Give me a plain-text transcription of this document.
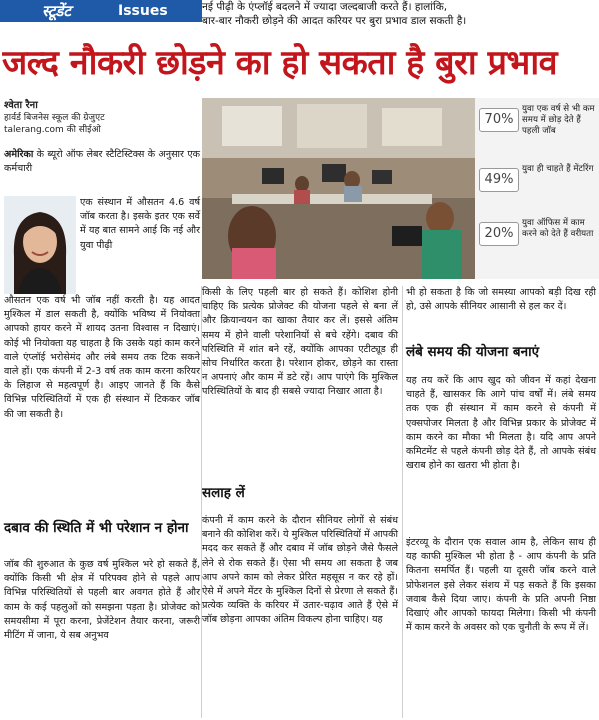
स्टूडेंट	Issues	नई पीढ़ी के एंप्लॉई बदलने में ज्यादा जल्दबाजी करते हैं। हालांकि,
बार-बार नौकरी छोड़ने की आदत करियर पर बुरा प्रभाव डाल सकती है।
जल्द नौकरी छोड़ने का हो सकता है बुरा प्रभाव
श्वेता रैना
हार्वर्ड बिजनेस स्कूल की ग्रेजुएट
talerang.com की सीईओ

अमेरिका के ब्यूरो ऑफ लेबर स्टैटिस्टिक्स के अनुसार एक कर्मचारी

एक संस्थान में औसतन 4.6 वर्ष जॉब करता है। इसके इतर एक सर्वे में यह बात सामने आई कि नई और युवा पीढ़ी
औसतन एक वर्ष भी जॉब नहीं करती है। यह आदत मुश्किल में डाल सकती है, क्योंकि भविष्य में नियोक्ता आपको हायर करने में शायद उतना विश्वास न दिखाएं। कोई भी नियोक्ता यह चाहता है कि उसके यहां काम करने वाले एंप्लॉई भरोसेमंद और लंबे समय तक टिक सकने वाले हों। एक कंपनी में 2-3 वर्ष तक काम करना करियर के लिहाज से महत्वपूर्ण है। आइए जानते हैं कि कैसे विभिन्न परिस्थितियों में एक ही संस्थान में टिककर जॉब की जा सकती है।
दबाव की स्थिति में भी परेशान न होना
जॉब की शुरुआत के कुछ वर्ष मुश्किल भरे हो सकते हैं, क्योंकि किसी भी क्षेत्र में परिपक्व होने से पहले आप विभिन्न परिस्थितियों से पहली बार अवगत होते हैं और काम के कई पहलुओं को समझना पड़ता है। प्रोजेक्ट को समयसीमा में पूरा करना, प्रेजेंटेशन तैयार करना, जरूरी मीटिंग में जाना, ये सब अनुभव
70%
युवा एक वर्ष से भी कम समय में छोड़ देते हैं पहली जॉब
49%
युवा ही चाहते हैं मेंटरिंग
20%
युवा ऑफिस में काम करने को देते हैं वरीयता
किसी के लिए पहली बार हो सकते हैं। कोशिश होनी चाहिए कि प्रत्येक प्रोजेक्ट की योजना पहले से बना लें और क्रियान्वयन का खाका तैयार कर लें। इससे अंतिम समय में होने वाली परेशानियों से बचे रहेंगे। दबाव की परिस्थिति में शांत बने रहें, क्योंकि आपका एटीट्यूड ही सोच निर्धारित करता है। परेशान होकर, छोड़ने का रास्ता न अपनाएं और काम में डटे रहें। आप पाएंगे कि मुश्किल परिस्थितियों के बाद ही सबसे ज्यादा निखार आता है।
सलाह लें
कंपनी में काम करने के दौरान सीनियर लोगों से संबंध बनाने की कोशिश करें। ये मुश्किल परिस्थितियों में आपकी मदद कर सकते हैं और दबाव में जॉब छोड़ने जैसे फैसले लेने से रोक सकते हैं। ऐसा भी समय आ सकता है जब आप अपने काम को लेकर प्रेरित महसूस न कर रहे हों। ऐसे में अपने मेंटर के मुश्किल दिनों से प्रेरणा ले सकते हैं। प्रत्येक व्यक्ति के करियर में उतार-चढ़ाव आते हैं ऐसे में जॉब छोड़ना आपका अंतिम विकल्प होना चाहिए। यह
भी हो सकता है कि जो समस्या आपको बड़ी दिख रही हो, उसे आपके सीनियर आसानी से हल कर दें।
लंबे समय की योजना बनाएं
यह तय करें कि आप खुद को जीवन में कहां देखना चाहते हैं, खासकर कि आगे पांच वर्षों में। लंबे समय तक एक ही संस्थान में काम करने से कंपनी में एक्सपोजर मिलता है और विभिन्न प्रकार के प्रोजेक्ट में काम करने का मौका भी मिलता है। यदि आप अपने कमिटमेंट से पहले कंपनी छोड़ देते हैं, तो आपके संबंध खराब होने का खतरा भी होता है।
इंटरव्यू के दौरान एक सवाल आम है, लेकिन साथ ही यह काफी मुश्किल भी होता है - आप कंपनी के प्रति कितना समर्पित हैं। पहली या दूसरी जॉब करने वाले प्रोफेशनल इसे लेकर संशय में पड़ सकते हैं कि इसका जवाब कैसे दिया जाए। कंपनी के प्रति अपनी निष्ठा दिखाएं और आपको फायदा मिलेगा। किसी भी कंपनी में काम करने के अवसर को एक चुनौती के रूप में लें।
